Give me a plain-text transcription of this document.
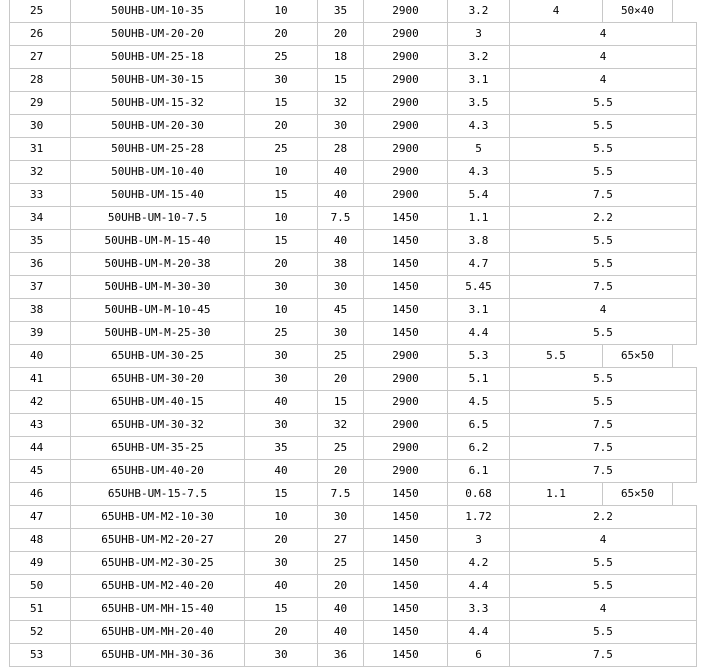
25	50UHB-UM-10-35	10	35	2900	3.2	4	50×40	
26	50UHB-UM-20-20	20	20	2900	3	4		
27	50UHB-UM-25-18	25	18	2900	3.2	4		
28	50UHB-UM-30-15	30	15	2900	3.1	4		
29	50UHB-UM-15-32	15	32	2900	3.5	5.5		
30	50UHB-UM-20-30	20	30	2900	4.3	5.5		
31	50UHB-UM-25-28	25	28	2900	5	5.5		
32	50UHB-UM-10-40	10	40	2900	4.3	5.5		
33	50UHB-UM-15-40	15	40	2900	5.4	7.5		
34	50UHB-UM-10-7.5	10	7.5	1450	1.1	2.2		
35	50UHB-UM-M-15-40	15	40	1450	3.8	5.5		
36	50UHB-UM-M-20-38	20	38	1450	4.7	5.5		
37	50UHB-UM-M-30-30	30	30	1450	5.45	7.5		
38	50UHB-UM-M-10-45	10	45	1450	3.1	4		
39	50UHB-UM-M-25-30	25	30	1450	4.4	5.5		
40	65UHB-UM-30-25	30	25	2900	5.3	5.5	65×50	
41	65UHB-UM-30-20	30	20	2900	5.1	5.5		
42	65UHB-UM-40-15	40	15	2900	4.5	5.5		
43	65UHB-UM-30-32	30	32	2900	6.5	7.5		
44	65UHB-UM-35-25	35	25	2900	6.2	7.5		
45	65UHB-UM-40-20	40	20	2900	6.1	7.5		
46	65UHB-UM-15-7.5	15	7.5	1450	0.68	1.1	65×50	
47	65UHB-UM-M2-10-30	10	30	1450	1.72	2.2		
48	65UHB-UM-M2-20-27	20	27	1450	3	4		
49	65UHB-UM-M2-30-25	30	25	1450	4.2	5.5		
50	65UHB-UM-M2-40-20	40	20	1450	4.4	5.5		
51	65UHB-UM-MH-15-40	15	40	1450	3.3	4		
52	65UHB-UM-MH-20-40	20	40	1450	4.4	5.5		
53	65UHB-UM-MH-30-36	30	36	1450	6	7.5		
